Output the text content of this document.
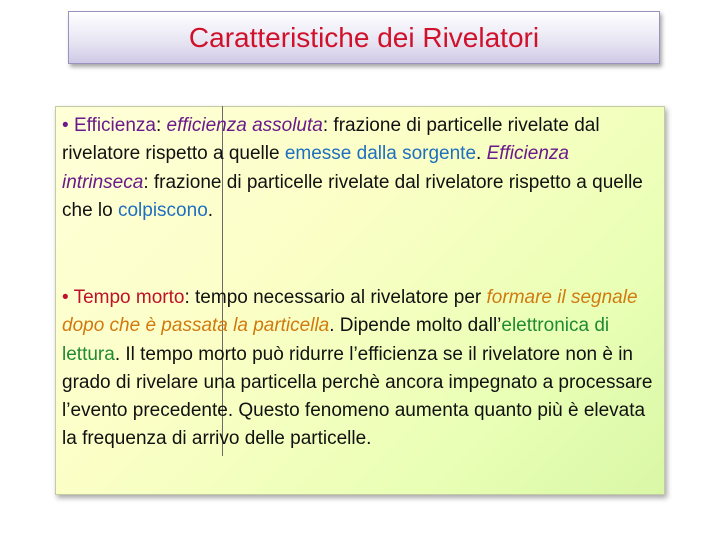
Caratteristiche dei Rivelatori

• Efficienza: efficienza assoluta: frazione di particelle rivelate dal rivelatore rispetto a quelle emesse dalla sorgente. Efficienza intrinseca: frazione di particelle rivelate dal rivelatore rispetto a quelle che lo colpiscono.

• Tempo morto: tempo necessario al rivelatore per formare il segnale dopo che è passata la particella. Dipende molto dall’elettronica di lettura. Il tempo morto può ridurre l’efficienza se il rivelatore non è in grado di rivelare una particella perchè ancora impegnato a processare l’evento precedente. Questo fenomeno aumenta quanto più è elevata la frequenza di arrivo delle particelle.
